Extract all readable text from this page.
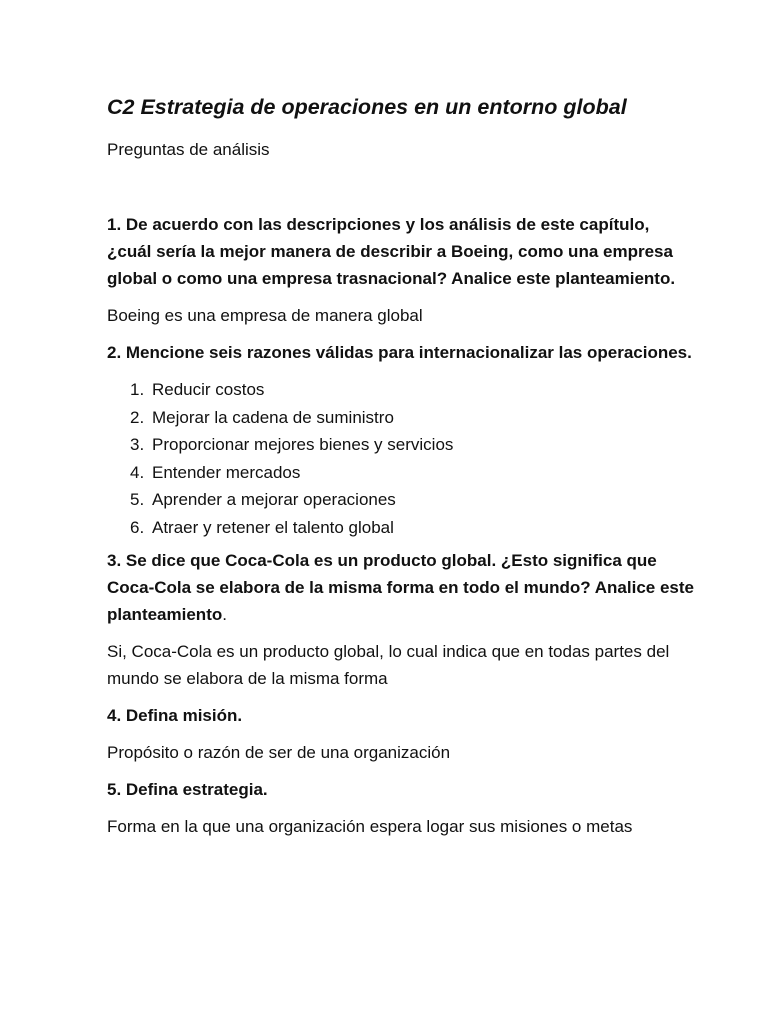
C2 Estrategia de operaciones en un entorno global

Preguntas de análisis

1. De acuerdo con las descripciones y los análisis de este capítulo, ¿cuál sería la mejor manera de describir a Boeing, como una empresa global o como una empresa trasnacional? Analice este planteamiento.

Boeing es una empresa de manera global

2. Mencione seis razones válidas para internacionalizar las operaciones.

1. Reducir costos
2. Mejorar la cadena de suministro
3. Proporcionar mejores bienes y servicios
4. Entender mercados
5. Aprender a mejorar operaciones
6. Atraer y retener el talento global

3. Se dice que Coca-Cola es un producto global. ¿Esto significa que Coca-Cola se elabora de la misma forma en todo el mundo? Analice este planteamiento.

Si, Coca-Cola es un producto global, lo cual indica que en todas partes del mundo se elabora de la misma forma

4. Defina misión.

Propósito o razón de ser de una organización

5. Defina estrategia.

Forma en la que una organización espera logar sus misiones o metas
